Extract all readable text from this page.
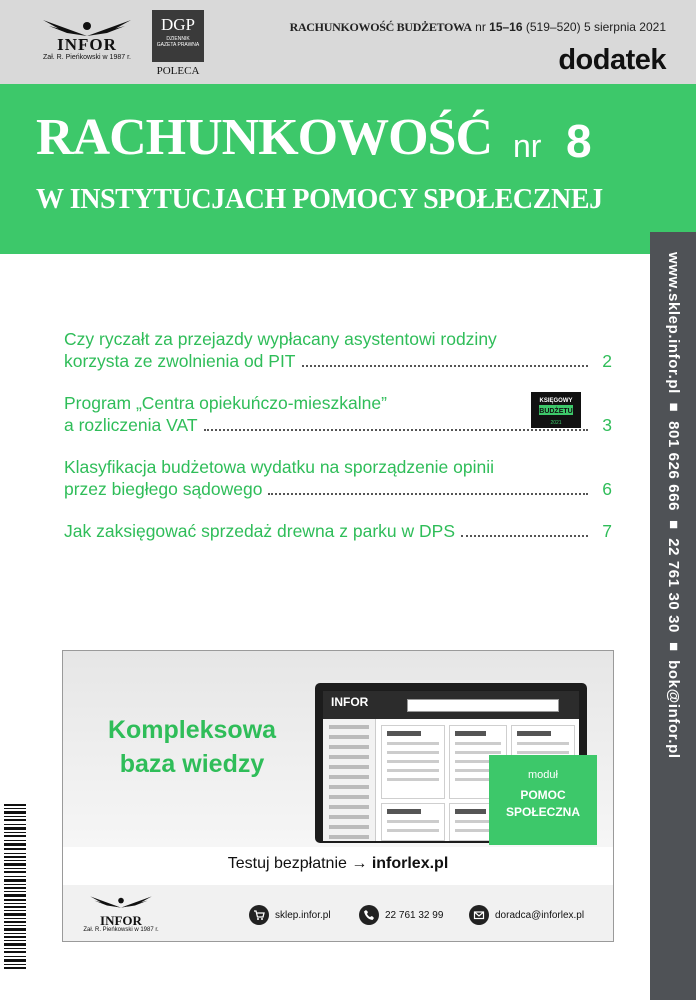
INFOR
Zał. R. Pieńkowski w 1987 r.
DGP
DZIENNIK
GAZETA PRAWNA
POLECA
RACHUNKOWOŚĆ BUDŻETOWA nr 15–16 (519–520) 5 sierpnia 2021
dodatek
RACHUNKOWOŚĆ nr 8
W INSTYTUCJACH POMOCY SPOŁECZNEJ
www.sklep.infor.pl ■ 801 626 666 ■ 22 761 30 30 ■ bok@infor.pl
Czy ryczałt za przejazdy wypłacany asystentowi rodziny
korzysta ze zwolnienia od PIT	2
Program „Centra opiekuńczo-mieszkalne”
a rozliczenia VAT	3
Klasyfikacja budżetowa wydatku na sporządzenie opinii
przez biegłego sądowego	6
Jak zaksięgować sprzedaż drewna z parku w DPS	7
KSIĘGOWY
BUDŻETU
2021
Kompleksowa
baza wiedzy
INFOR
moduł
POMOC
SPOŁECZNA
Testuj bezpłatnie → inforlex.pl
INFOR
Zał. R. Pieńkowski w 1987 r.
sklep.infor.pl	22 761 32 99	doradca@inforlex.pl
